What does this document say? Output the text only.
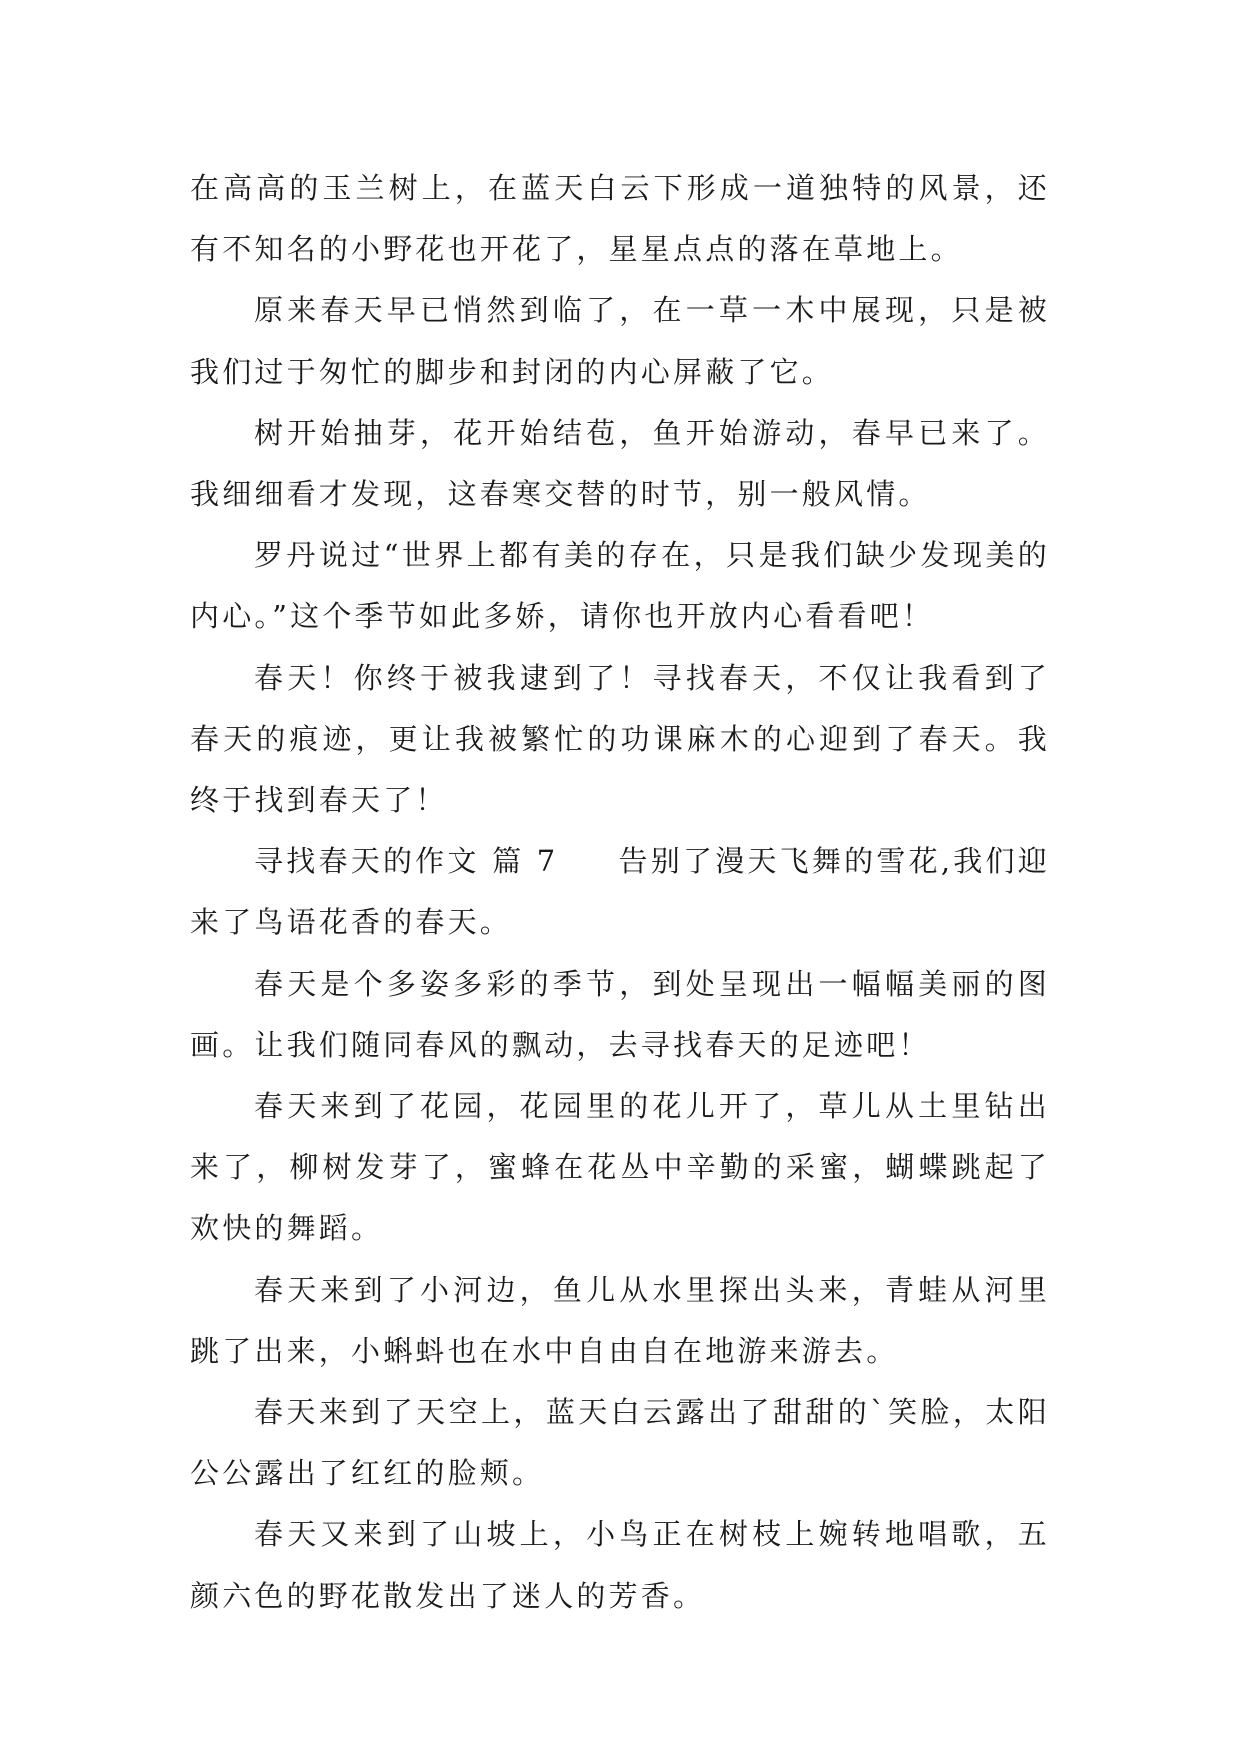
在高高的玉兰树上，在蓝天白云下形成一道独特的风景，还有不知名的小野花也开花了，星星点点的落在草地上。

原来春天早已悄然到临了，在一草一木中展现，只是被我们过于匆忙的脚步和封闭的内心屏蔽了它。

树开始抽芽，花开始结苞，鱼开始游动，春早已来了。我细细看才发现，这春寒交替的时节，别一般风情。

罗丹说过“世界上都有美的存在，只是我们缺少发现美的内心。”这个季节如此多娇，请你也开放内心看看吧！

春天！你终于被我逮到了！寻找春天，不仅让我看到了春天的痕迹，更让我被繁忙的功课麻木的心迎到了春天。我终于找到春天了！

寻找春天的作文 篇 7 告别了漫天飞舞的雪花,我们迎来了鸟语花香的春天。

春天是个多姿多彩的季节，到处呈现出一幅幅美丽的图画。让我们随同春风的飘动，去寻找春天的足迹吧！

春天来到了花园，花园里的花儿开了，草儿从土里钻出来了，柳树发芽了，蜜蜂在花丛中辛勤的采蜜，蝴蝶跳起了欢快的舞蹈。

春天来到了小河边，鱼儿从水里探出头来，青蛙从河里跳了出来，小蝌蚪也在水中自由自在地游来游去。

春天来到了天空上，蓝天白云露出了甜甜的`笑脸，太阳公公露出了红红的脸颊。

春天又来到了山坡上，小鸟正在树枝上婉转地唱歌，五颜六色的野花散发出了迷人的芳香。
